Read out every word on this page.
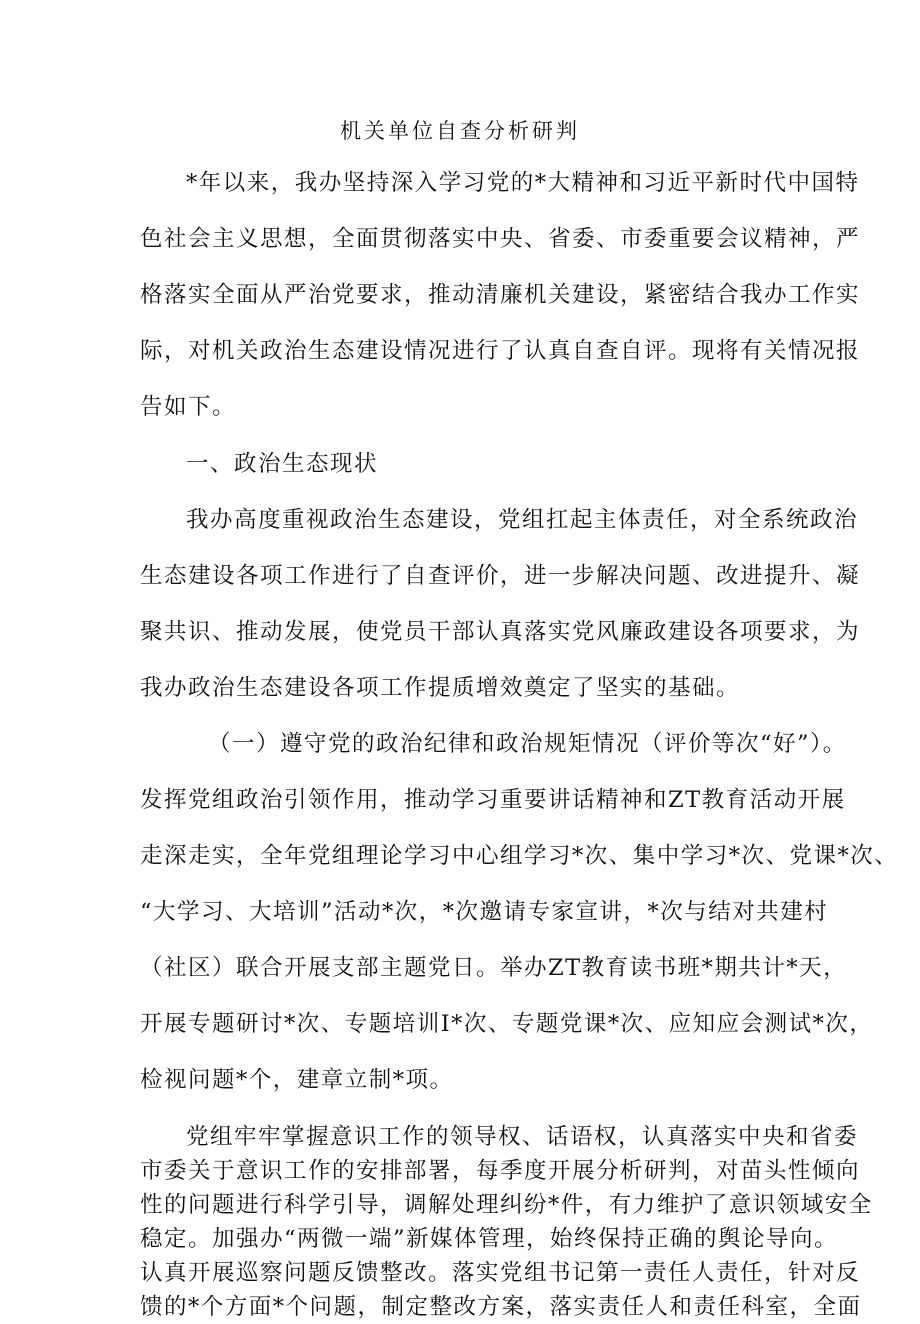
机关单位自查分析研判
*年以来，我办坚持深入学习党的*大精神和习近平新时代中国特
色社会主义思想，全面贯彻落实中央、省委、市委重要会议精神，严
格落实全面从严治党要求，推动清廉机关建设，紧密结合我办工作实
际，对机关政治生态建设情况进行了认真自查自评。现将有关情况报
告如下。
一、政治生态现状
我办高度重视政治生态建设，党组扛起主体责任，对全系统政治
生态建设各项工作进行了自查评价，进一步解决问题、改进提升、凝
聚共识、推动发展，使党员干部认真落实党风廉政建设各项要求，为
我办政治生态建设各项工作提质增效奠定了坚实的基础。
（一）遵守党的政治纪律和政治规矩情况（评价等次“好”）。
发挥党组政治引领作用，推动学习重要讲话精神和ZT教育活动开展
走深走实，全年党组理论学习中心组学习*次、集中学习*次、党课*次、
“大学习、大培训”活动*次，*次邀请专家宣讲，*次与结对共建村
（社区）联合开展支部主题党日。举办ZT教育读书班*期共计*天，
开展专题研讨*次、专题培训I*次、专题党课*次、应知应会测试*次，
检视问题*个，建章立制*项。
党组牢牢掌握意识工作的领导权、话语权，认真落实中央和省委
市委关于意识工作的安排部署，每季度开展分析研判，对苗头性倾向
性的问题进行科学引导，调解处理纠纷*件，有力维护了意识领域安全
稳定。加强办“两微一端”新媒体管理，始终保持正确的舆论导向。
认真开展巡察问题反馈整改。落实党组书记第一责任人责任，针对反
馈的*个方面*个问题，制定整改方案，落实责任人和责任科室，全面
